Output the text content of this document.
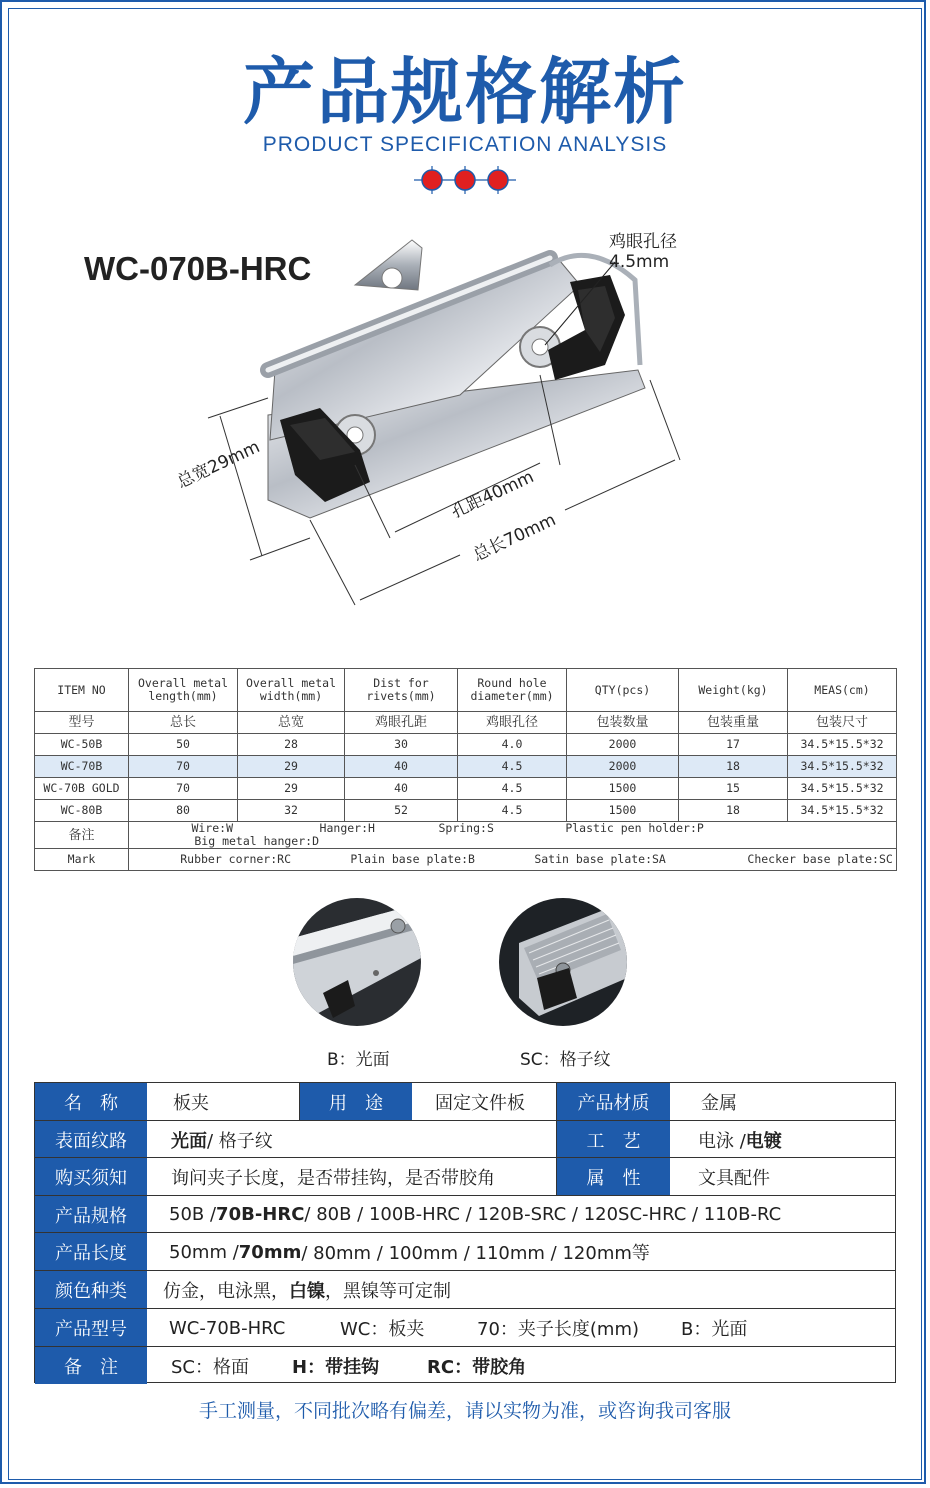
产品规格解析
PRODUCT SPECIFICATION ANALYSIS
WC-070B-HRC
鸡眼孔径
4.5mm
总宽29mm
孔距40mm
总长70mm
ITEM NO	Overall metal length(mm)	Overall metal width(mm)	Dist for rivets(mm)	Round hole diameter(mm)	QTY(pcs)	Weight(kg)	MEAS(cm)
型号	总长	总宽	鸡眼孔距	鸡眼孔径	包装数量	包装重量	包装尺寸
WC-50B	50	28	30	4.0	2000	17	34.5*15.5*32
WC-70B	70	29	40	4.5	2000	18	34.5*15.5*32
WC-70B GOLD	70	29	40	4.5	1500	15	34.5*15.5*32
WC-80B	80	32	52	4.5	1500	18	34.5*15.5*32
备注	Wire:W Hanger:H Spring:S Plastic pen holder:P Big metal hanger:D						
Mark	Rubber corner:RC Plain base plate:B Satin base plate:SA Checker base plate:SC						
B：光面	SC：格子纹
名　称	板夹	用　途	固定文件板	产品材质	金属
表面纹路	光面 / 格子纹	工　艺	电泳 / 电镀
购买须知	询问夹子长度，是否带挂钩，是否带胶角	属　性	文具配件
产品规格	50B / 70B-HRC / 80B / 100B-HRC / 120B-SRC / 120SC-HRC / 110B-RC
产品长度	50mm / 70mm / 80mm / 100mm / 110mm / 120mm等
颜色种类	仿金，电泳黑， 白镍 ，黑镍等可定制
产品型号	WC-70B-HRC	WC：板夹	70：夹子长度(mm) B：光面
备　注	SC：格面 H：带挂钩	RC：带胶角
手工测量，不同批次略有偏差，请以实物为准，或咨询我司客服
